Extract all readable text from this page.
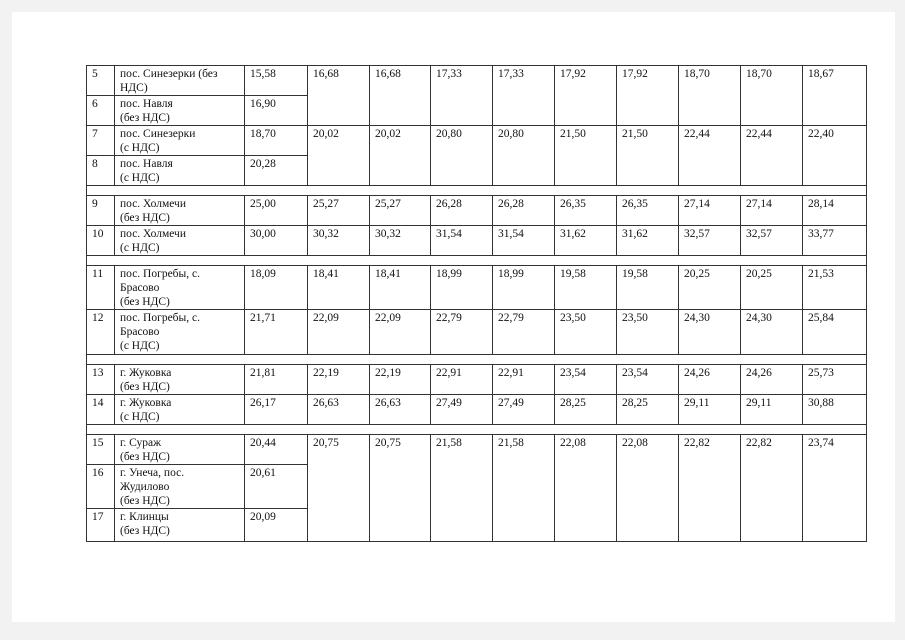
5	пос. Синезерки (без
НДС)	15,58	16,68	16,68	17,33	17,33	17,92	17,92	18,70	18,70	18,67
6	пос. Навля
(без НДС)	16,90									
7	пос. Синезерки
(с НДС)	18,70	20,02	20,02	20,80	20,80	21,50	21,50	22,44	22,44	22,40
8	пос. Навля
(с НДС)	20,28									

9	пос. Холмечи
(без НДС)	25,00	25,27	25,27	26,28	26,28	26,35	26,35	27,14	27,14	28,14
10	пос. Холмечи
(с НДС)	30,00	30,32	30,32	31,54	31,54	31,62	31,62	32,57	32,57	33,77

11	пос. Погребы, с.
Брасово
(без НДС)	18,09	18,41	18,41	18,99	18,99	19,58	19,58	20,25	20,25	21,53
12	пос. Погребы, с.
Брасово
(с НДС)	21,71	22,09	22,09	22,79	22,79	23,50	23,50	24,30	24,30	25,84

13	г. Жуковка
(без НДС)	21,81	22,19	22,19	22,91	22,91	23,54	23,54	24,26	24,26	25,73
14	г. Жуковка
(с НДС)	26,17	26,63	26,63	27,49	27,49	28,25	28,25	29,11	29,11	30,88

15	г. Сураж
(без НДС)	20,44	20,75	20,75	21,58	21,58	22,08	22,08	22,82	22,82	23,74
16	г. Унеча, пос.
Жудилово
(без НДС)	20,61									
17	г. Клинцы
(без НДС)	20,09									
